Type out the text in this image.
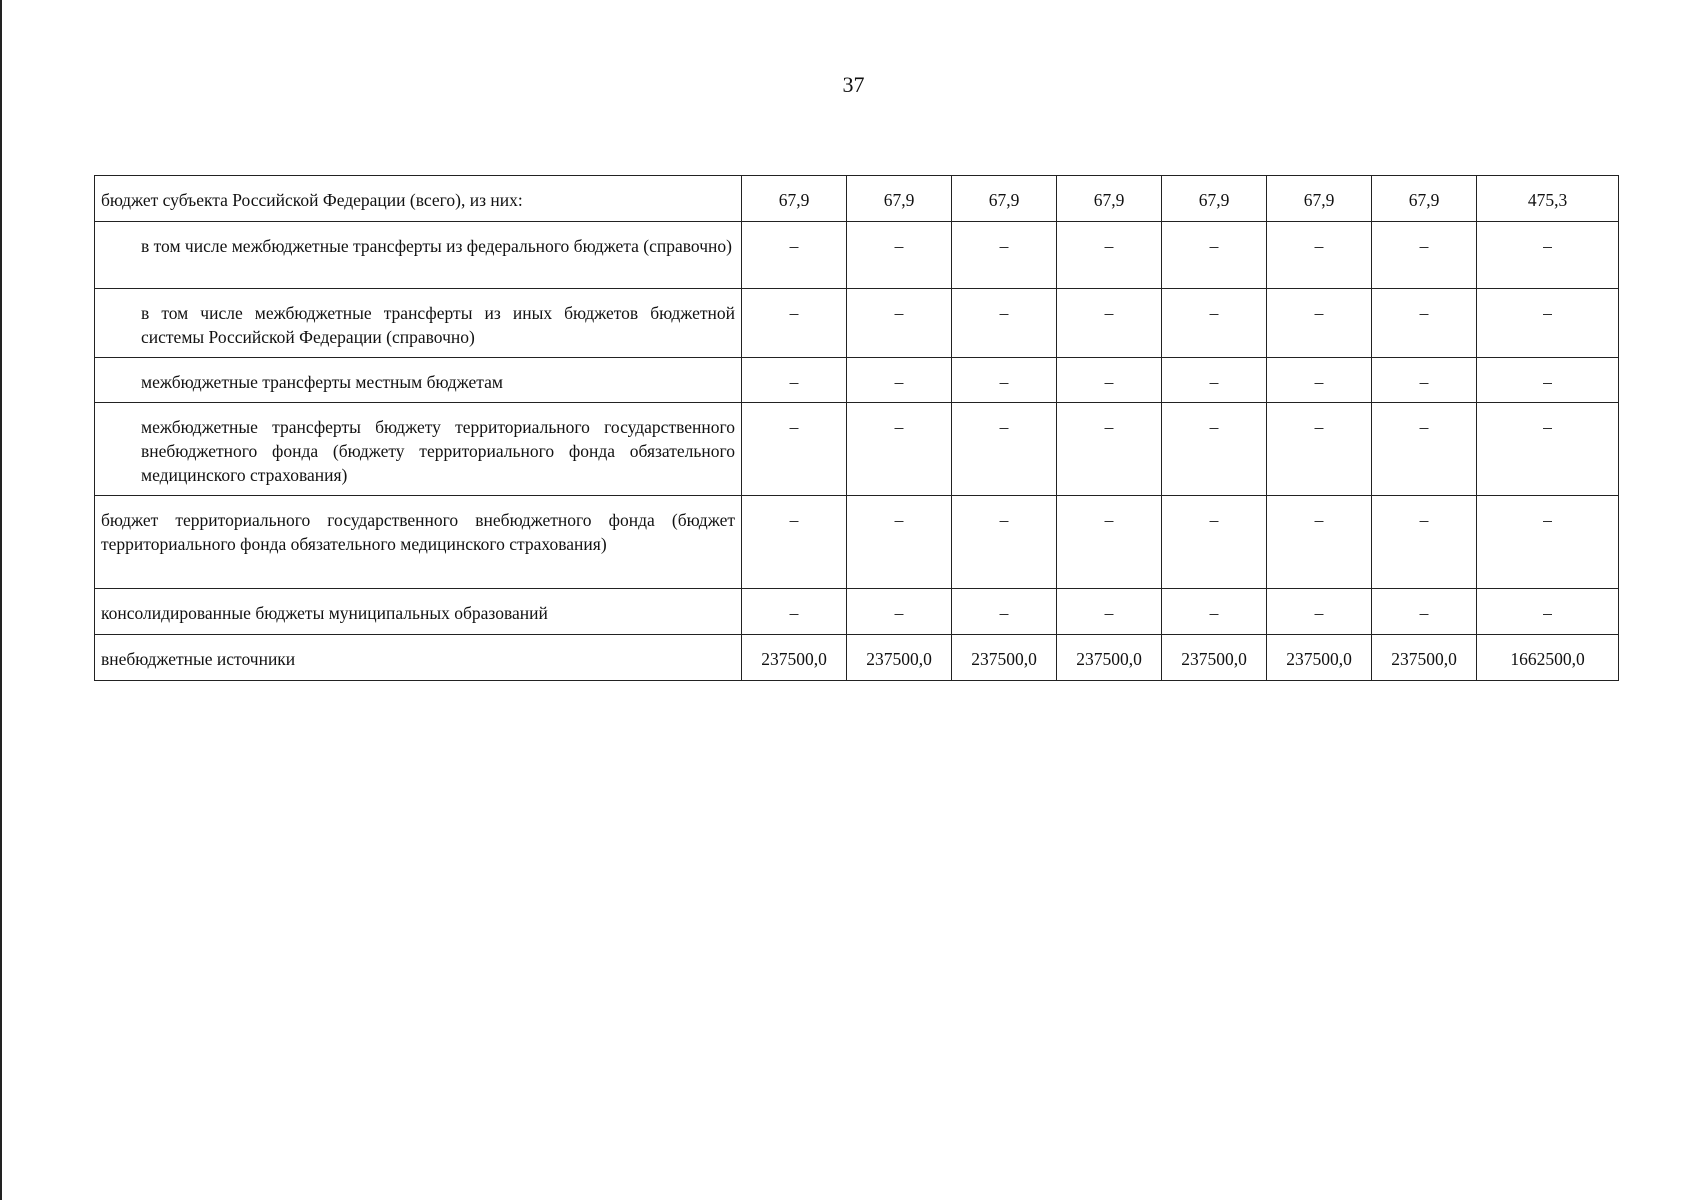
37
бюджет субъекта Российской Федерации (всего), из них:	67,9	67,9	67,9	67,9	67,9	67,9	67,9	475,3
в том числе межбюджетные трансферты из федерального бюджета (справочно)	–	–	–	–	–	–	–	–
в том числе межбюджетные трансферты из иных бюджетов бюджетной системы Российской Федерации (справочно)	–	–	–	–	–	–	–	–
межбюджетные трансферты местным бюджетам	–	–	–	–	–	–	–	–
межбюджетные трансферты бюджету территориального государственного внебюджетного фонда (бюджету территориального фонда обязательного медицинского страхования)	–	–	–	–	–	–	–	–
бюджет территориального государственного внебюджетного фонда (бюджет территориального фонда обязательного медицинского страхования)	–	–	–	–	–	–	–	–
консолидированные бюджеты муниципальных образований	–	–	–	–	–	–	–	–
внебюджетные источники	237500,0	237500,0	237500,0	237500,0	237500,0	237500,0	237500,0	1662500,0
